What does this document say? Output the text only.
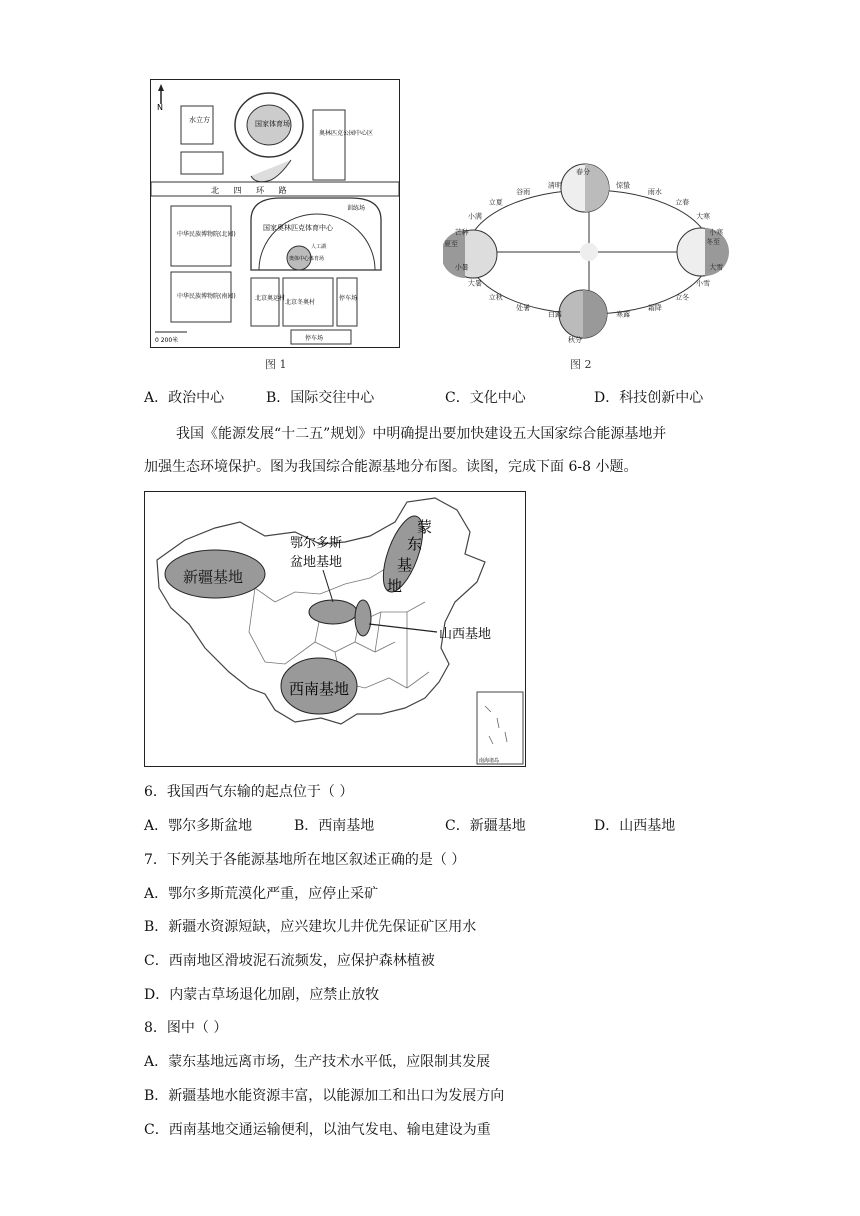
N
水立方	国家体育场
奥林匹克公园中心区
北 四 环 路
中华民族博物院(北园)
中华民族博物院(南园)
国家奥林匹克体育中心
奥体中心体育场
人工湖
训练场
北京奥运村
北京冬奥村
停车场
停车场
0 200米
图 1
春分
惊蛰
雨水
立春
大寒
小寒
冬至
大雪
小雪
立冬
霜降
寒露
秋分
白露
处暑
立秋
大暑
小暑
夏至
芒种
小满
立夏
谷雨
清明
图 2
A．政治中心	B．国际交往中心	C．文化中心	D．科技创新中心
我国《能源发展“十二五”规划》中明确提出要加快建设五大国家综合能源基地并
加强生态环境保护。图为我国综合能源基地分布图。读图，完成下面 6-8 小题。
新疆基地
鄂尔多斯
盆地基地
山西基地
蒙
东
基
地
西南基地
南海诸岛
6．我国西气东输的起点位于（ ）
A．鄂尔多斯盆地	B．西南基地	C．新疆基地	D．山西基地
7．下列关于各能源基地所在地区叙述正确的是（ ）
A．鄂尔多斯荒漠化严重，应停止采矿
B．新疆水资源短缺，应兴建坎儿井优先保证矿区用水
C．西南地区滑坡泥石流频发，应保护森林植被
D．内蒙古草场退化加剧，应禁止放牧
8．图中（ ）
A．蒙东基地远离市场，生产技术水平低，应限制其发展
B．新疆基地水能资源丰富，以能源加工和出口为发展方向
C．西南基地交通运输便利，以油气发电、输电建设为重
